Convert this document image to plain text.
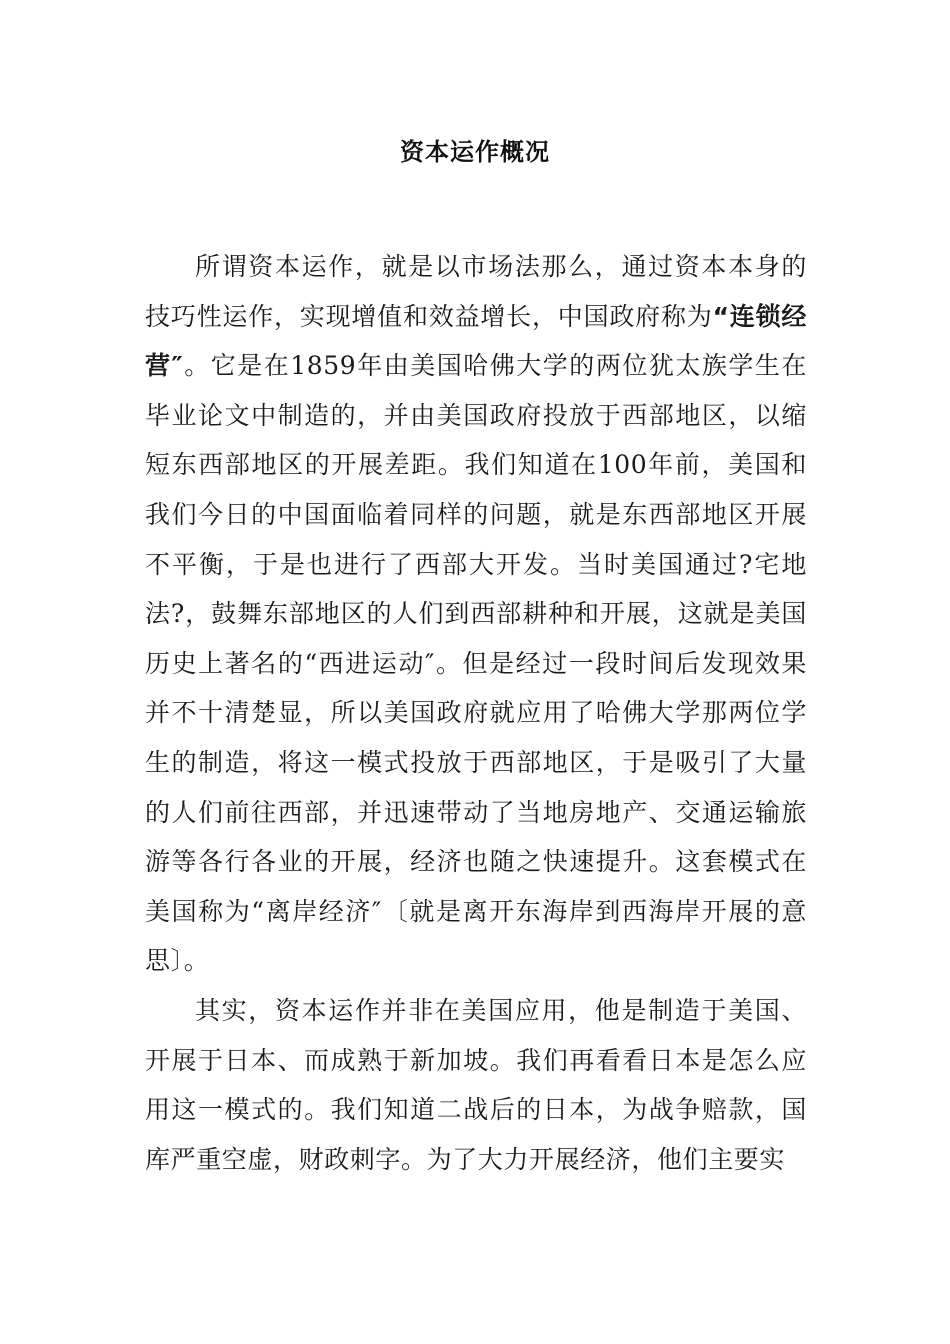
资本运作概况

所谓资本运作，就是以市场法那么，通过资本本身的技巧性运作，实现增值和效益增长，中国政府称为“连锁经营″。它是在1859年由美国哈佛大学的两位犹太族学生在毕业论文中制造的，并由美国政府投放于西部地区，以缩短东西部地区的开展差距。我们知道在100年前，美国和我们今日的中国面临着同样的问题，就是东西部地区开展不平衡，于是也进行了西部大开发。当时美国通过?宅地法?，鼓舞东部地区的人们到西部耕种和开展，这就是美国历史上著名的“西进运动″。但是经过一段时间后发现效果并不十清楚显，所以美国政府就应用了哈佛大学那两位学生的制造，将这一模式投放于西部地区，于是吸引了大量的人们前往西部，并迅速带动了当地房地产、交通运输旅游等各行各业的开展，经济也随之快速提升。这套模式在美国称为“离岸经济″〔就是离开东海岸到西海岸开展的意思〕。

其实，资本运作并非在美国应用，他是制造于美国、开展于日本、而成熟于新加坡。我们再看看日本是怎么应用这一模式的。我们知道二战后的日本，为战争赔款，国库严重空虚，财政刺字。为了大力开展经济，他们主要实
